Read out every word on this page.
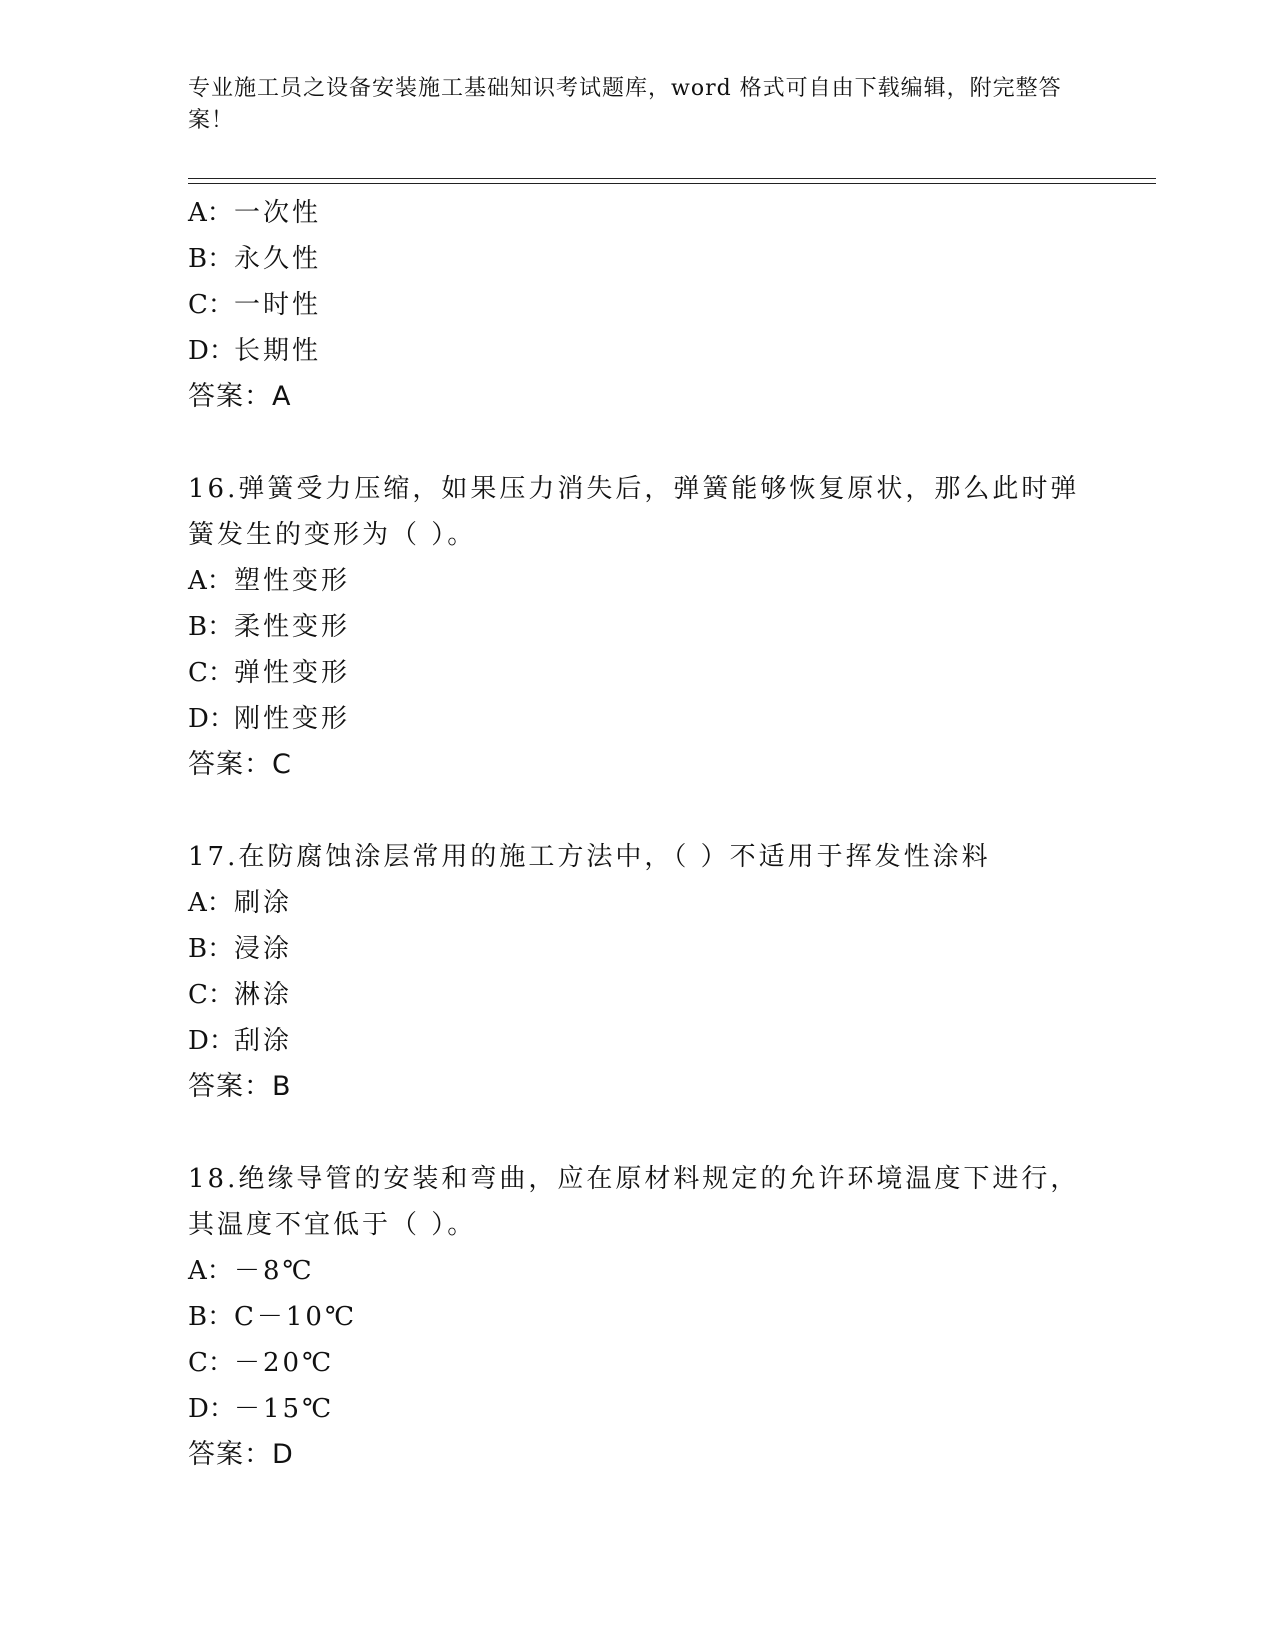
专业施工员之设备安装施工基础知识考试题库，word 格式可自由下载编辑，附完整答案！
A：一次性
B：永久性
C：一时性
D：长期性
答案：A
16.弹簧受力压缩，如果压力消失后，弹簧能够恢复原状，那么此时弹
簧发生的变形为（ ）。
A：塑性变形
B：柔性变形
C：弹性变形
D：刚性变形
答案：C
17.在防腐蚀涂层常用的施工方法中，（ ）不适用于挥发性涂料
A：刷涂
B：浸涂
C：淋涂
D：刮涂
答案：B
18.绝缘导管的安装和弯曲，应在原材料规定的允许环境温度下进行，
其温度不宜低于（ ）。
A：－8℃
B：C－10℃
C：－20℃
D：－15℃
答案：D
